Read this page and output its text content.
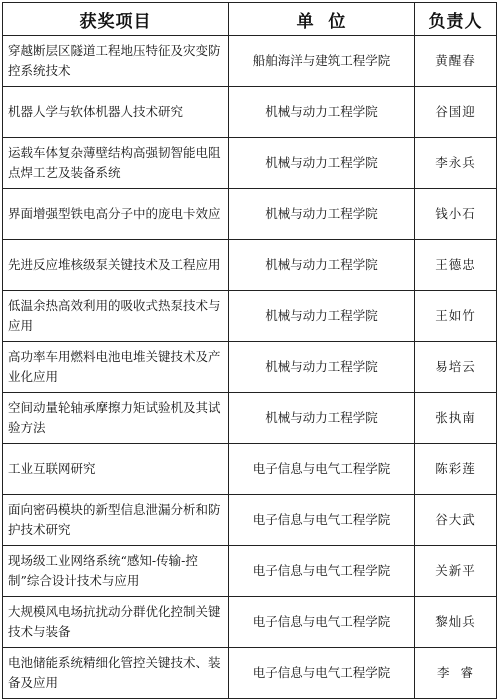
获奖项目	单  位	负责人
穿越断层区隧道工程地压特征及灾变防控系统技术	船舶海洋与建筑工程学院	黄醒春
机器人学与软体机器人技术研究	机械与动力工程学院	谷国迎
运载车体复杂薄壁结构高强韧智能电阻点焊工艺及装备系统	机械与动力工程学院	李永兵
界面增强型铁电高分子中的庞电卡效应	机械与动力工程学院	钱小石
先进反应堆核级泵关键技术及工程应用	机械与动力工程学院	王德忠
低温余热高效利用的吸收式热泵技术与应用	机械与动力工程学院	王如竹
高功率车用燃料电池电堆关键技术及产业化应用	机械与动力工程学院	易培云
空间动量轮轴承摩擦力矩试验机及其试验方法	机械与动力工程学院	张执南
工业互联网研究	电子信息与电气工程学院	陈彩莲
面向密码模块的新型信息泄漏分析和防护技术研究	电子信息与电气工程学院	谷大武
现场级工业网络系统“感知-传输-控制”综合设计技术与应用	电子信息与电气工程学院	关新平
大规模风电场抗扰动分群优化控制关键技术与装备	电子信息与电气工程学院	黎灿兵
电池储能系统精细化管控关键技术、装备及应用	电子信息与电气工程学院	李  睿
